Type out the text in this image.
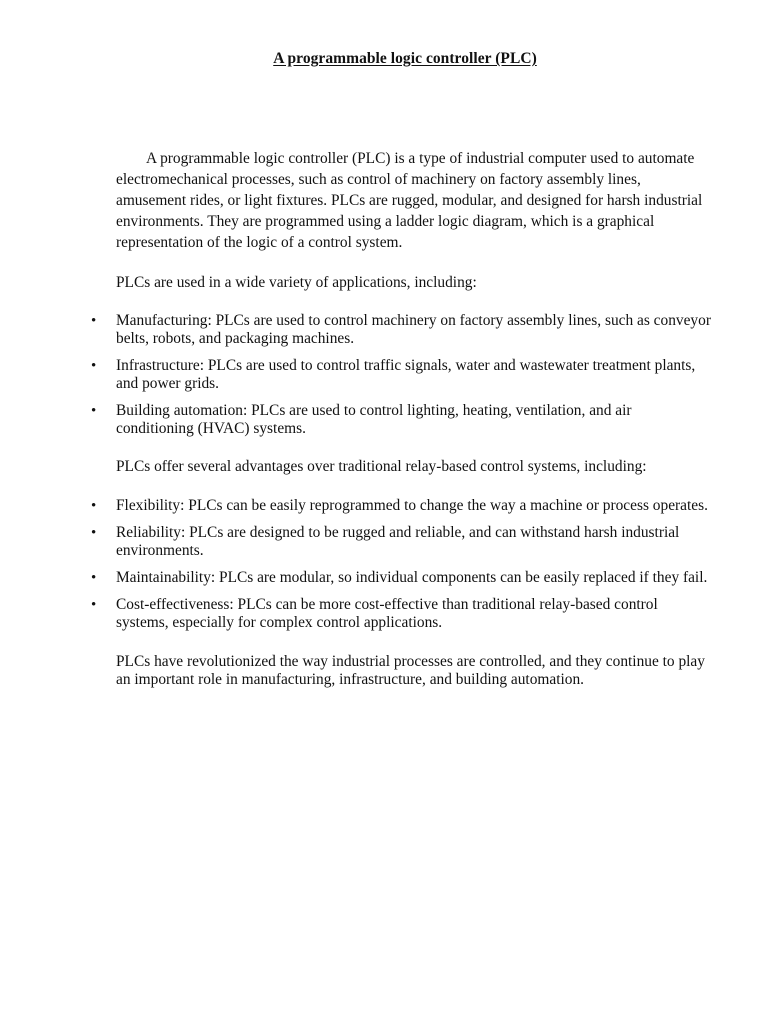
A programmable logic controller (PLC)

A programmable logic controller (PLC) is a type of industrial computer used to automate electromechanical processes, such as control of machinery on factory assembly lines, amusement rides, or light fixtures. PLCs are rugged, modular, and designed for harsh industrial environments. They are programmed using a ladder logic diagram, which is a graphical representation of the logic of a control system.

PLCs are used in a wide variety of applications, including:

• Manufacturing: PLCs are used to control machinery on factory assembly lines, such as conveyor belts, robots, and packaging machines.
• Infrastructure: PLCs are used to control traffic signals, water and wastewater treatment plants, and power grids.
• Building automation: PLCs are used to control lighting, heating, ventilation, and air conditioning (HVAC) systems.

PLCs offer several advantages over traditional relay-based control systems, including:

• Flexibility: PLCs can be easily reprogrammed to change the way a machine or process operates.
• Reliability: PLCs are designed to be rugged and reliable, and can withstand harsh industrial environments.
• Maintainability: PLCs are modular, so individual components can be easily replaced if they fail.
• Cost-effectiveness: PLCs can be more cost-effective than traditional relay-based control systems, especially for complex control applications.

PLCs have revolutionized the way industrial processes are controlled, and they continue to play an important role in manufacturing, infrastructure, and building automation.
